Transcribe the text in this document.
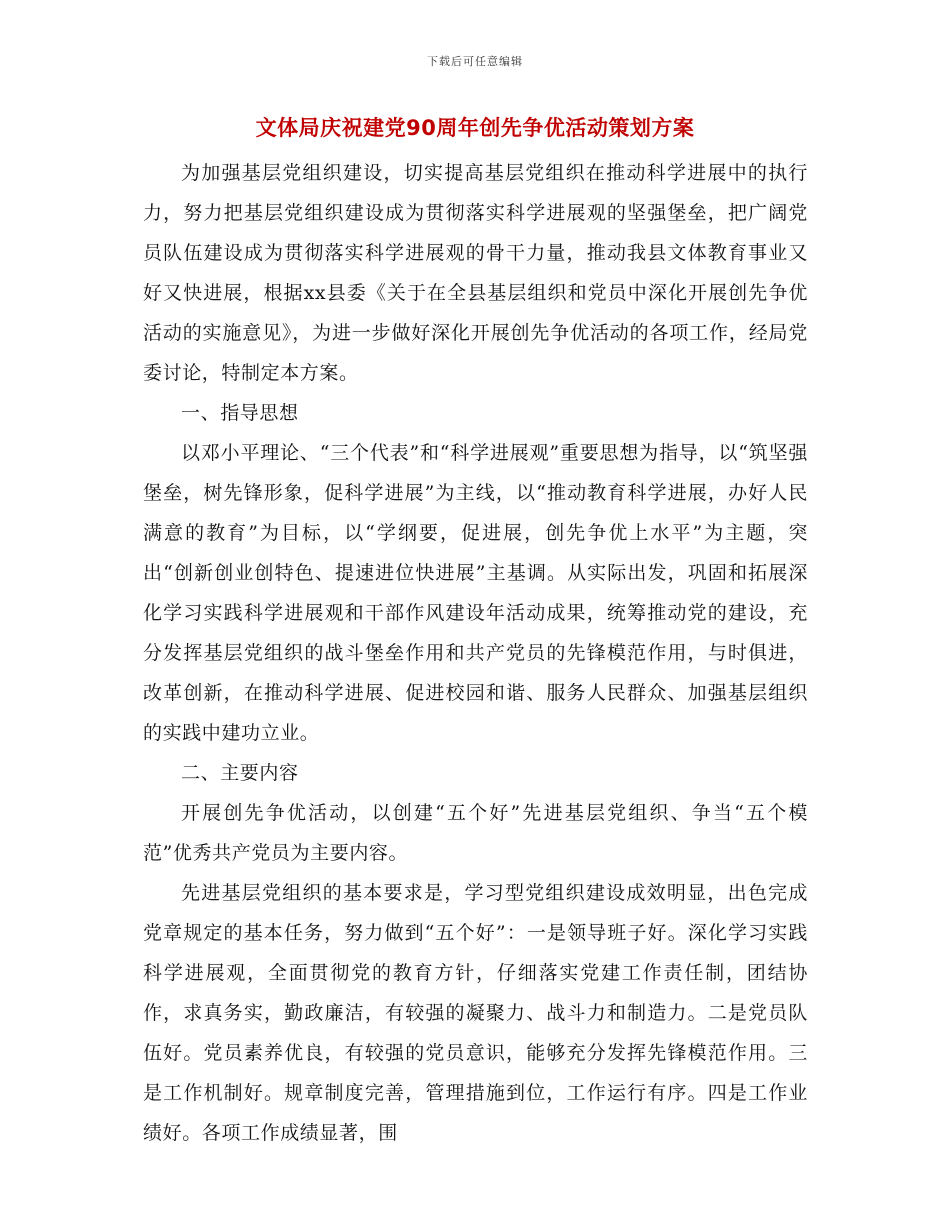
下载后可任意编辑
文体局庆祝建党90周年创先争优活动策划方案

为加强基层党组织建设，切实提高基层党组织在推动科学进展中的执行力，努力把基层党组织建设成为贯彻落实科学进展观的坚强堡垒，把广阔党员队伍建设成为贯彻落实科学进展观的骨干力量，推动我县文体教育事业又好又快进展，根据xx县委《关于在全县基层组织和党员中深化开展创先争优活动的实施意见》，为进一步做好深化开展创先争优活动的各项工作，经局党委讨论，特制定本方案。

一、指导思想

以邓小平理论、“三个代表”和“科学进展观”重要思想为指导，以“筑坚强堡垒，树先锋形象，促科学进展”为主线，以“推动教育科学进展，办好人民满意的教育”为目标，以“学纲要，促进展，创先争优上水平”为主题，突出“创新创业创特色、提速进位快进展”主基调。从实际出发，巩固和拓展深化学习实践科学进展观和干部作风建设年活动成果，统筹推动党的建设，充分发挥基层党组织的战斗堡垒作用和共产党员的先锋模范作用，与时俱进，改革创新，在推动科学进展、促进校园和谐、服务人民群众、加强基层组织的实践中建功立业。

二、主要内容

开展创先争优活动，以创建“五个好”先进基层党组织、争当“五个模范”优秀共产党员为主要内容。

先进基层党组织的基本要求是，学习型党组织建设成效明显，出色完成党章规定的基本任务，努力做到“五个好”：一是领导班子好。深化学习实践科学进展观，全面贯彻党的教育方针，仔细落实党建工作责任制，团结协作，求真务实，勤政廉洁，有较强的凝聚力、战斗力和制造力。二是党员队伍好。党员素养优良，有较强的党员意识，能够充分发挥先锋模范作用。三是工作机制好。规章制度完善，管理措施到位，工作运行有序。四是工作业绩好。各项工作成绩显著，围
